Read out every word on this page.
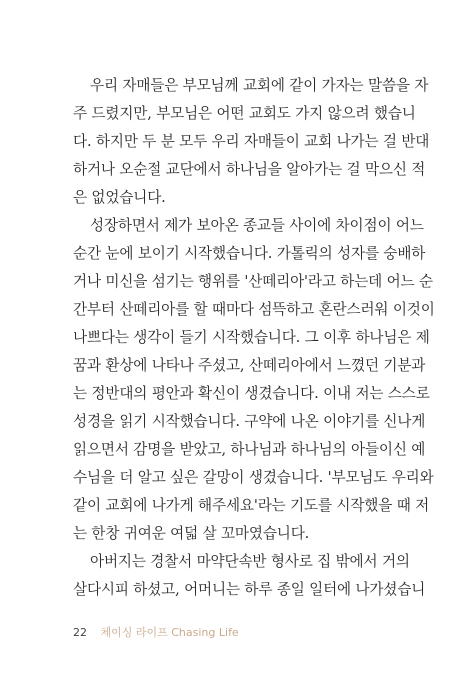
우리 자매들은 부모님께 교회에 같이 가자는 말씀을 자
주 드렸지만, 부모님은 어떤 교회도 가지 않으려 했습니
다. 하지만 두 분 모두 우리 자매들이 교회 나가는 걸 반대
하거나 오순절 교단에서 하나님을 알아가는 걸 막으신 적
은 없었습니다.
성장하면서 제가 보아온 종교들 사이에 차이점이 어느
순간 눈에 보이기 시작했습니다. 가톨릭의 성자를 숭배하
거나 미신을 섬기는 행위를 '산떼리아'라고 하는데 어느 순
간부터 산떼리아를 할 때마다 섬뜩하고 혼란스러워 이것이
나쁘다는 생각이 들기 시작했습니다. 그 이후 하나님은 제
꿈과 환상에 나타나 주셨고, 산떼리아에서 느꼈던 기분과
는 정반대의 평안과 확신이 생겼습니다. 이내 저는 스스로
성경을 읽기 시작했습니다. 구약에 나온 이야기를 신나게
읽으면서 감명을 받았고, 하나님과 하나님의 아들이신 예
수님을 더 알고 싶은 갈망이 생겼습니다. '부모님도 우리와
같이 교회에 나가게 해주세요'라는 기도를 시작했을 때 저
는 한창 귀여운 여덟 살 꼬마였습니다.
아버지는 경찰서 마약단속반 형사로 집 밖에서 거의
살다시피 하셨고, 어머니는 하루 종일 일터에 나가셨습니
22 체이싱 라이프 Chasing Life
